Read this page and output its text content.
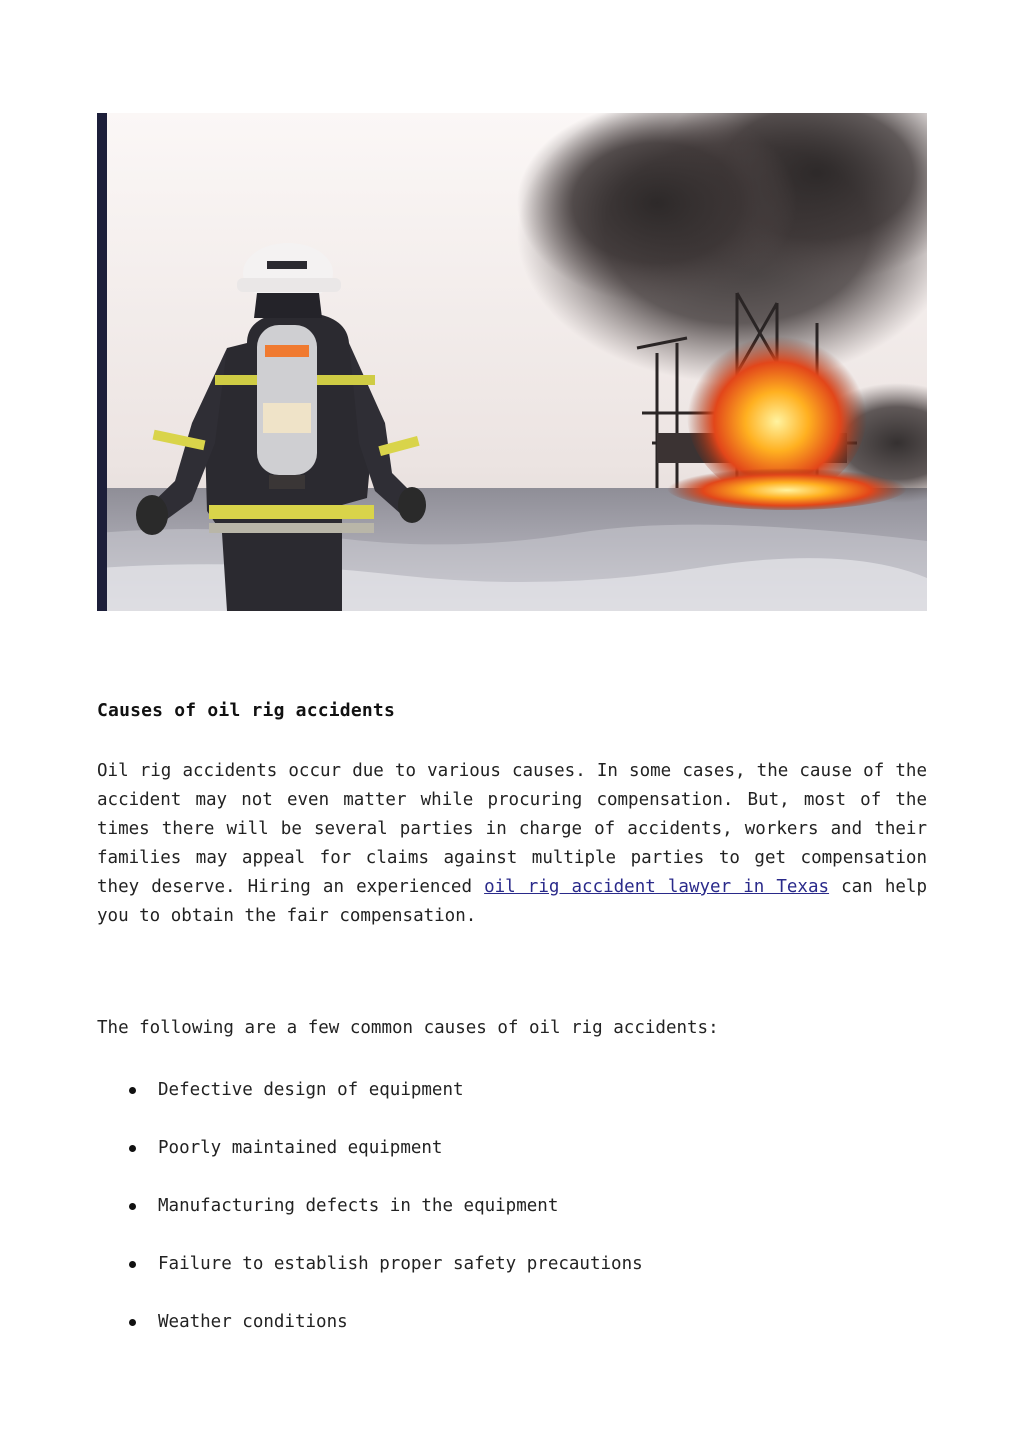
Causes of oil rig accidents

Oil rig accidents occur due to various causes. In some cases, the cause of the accident may not even matter while procuring compensation. But, most of the times there will be several parties in charge of accidents, workers and their families may appeal for claims against multiple parties to get compensation they deserve. Hiring an experienced oil rig accident lawyer in Texas can help you to obtain the fair compensation.

The following are a few common causes of oil rig accidents:

Defective design of equipment
Poorly maintained equipment
Manufacturing defects in the equipment
Failure to establish proper safety precautions
Weather conditions
